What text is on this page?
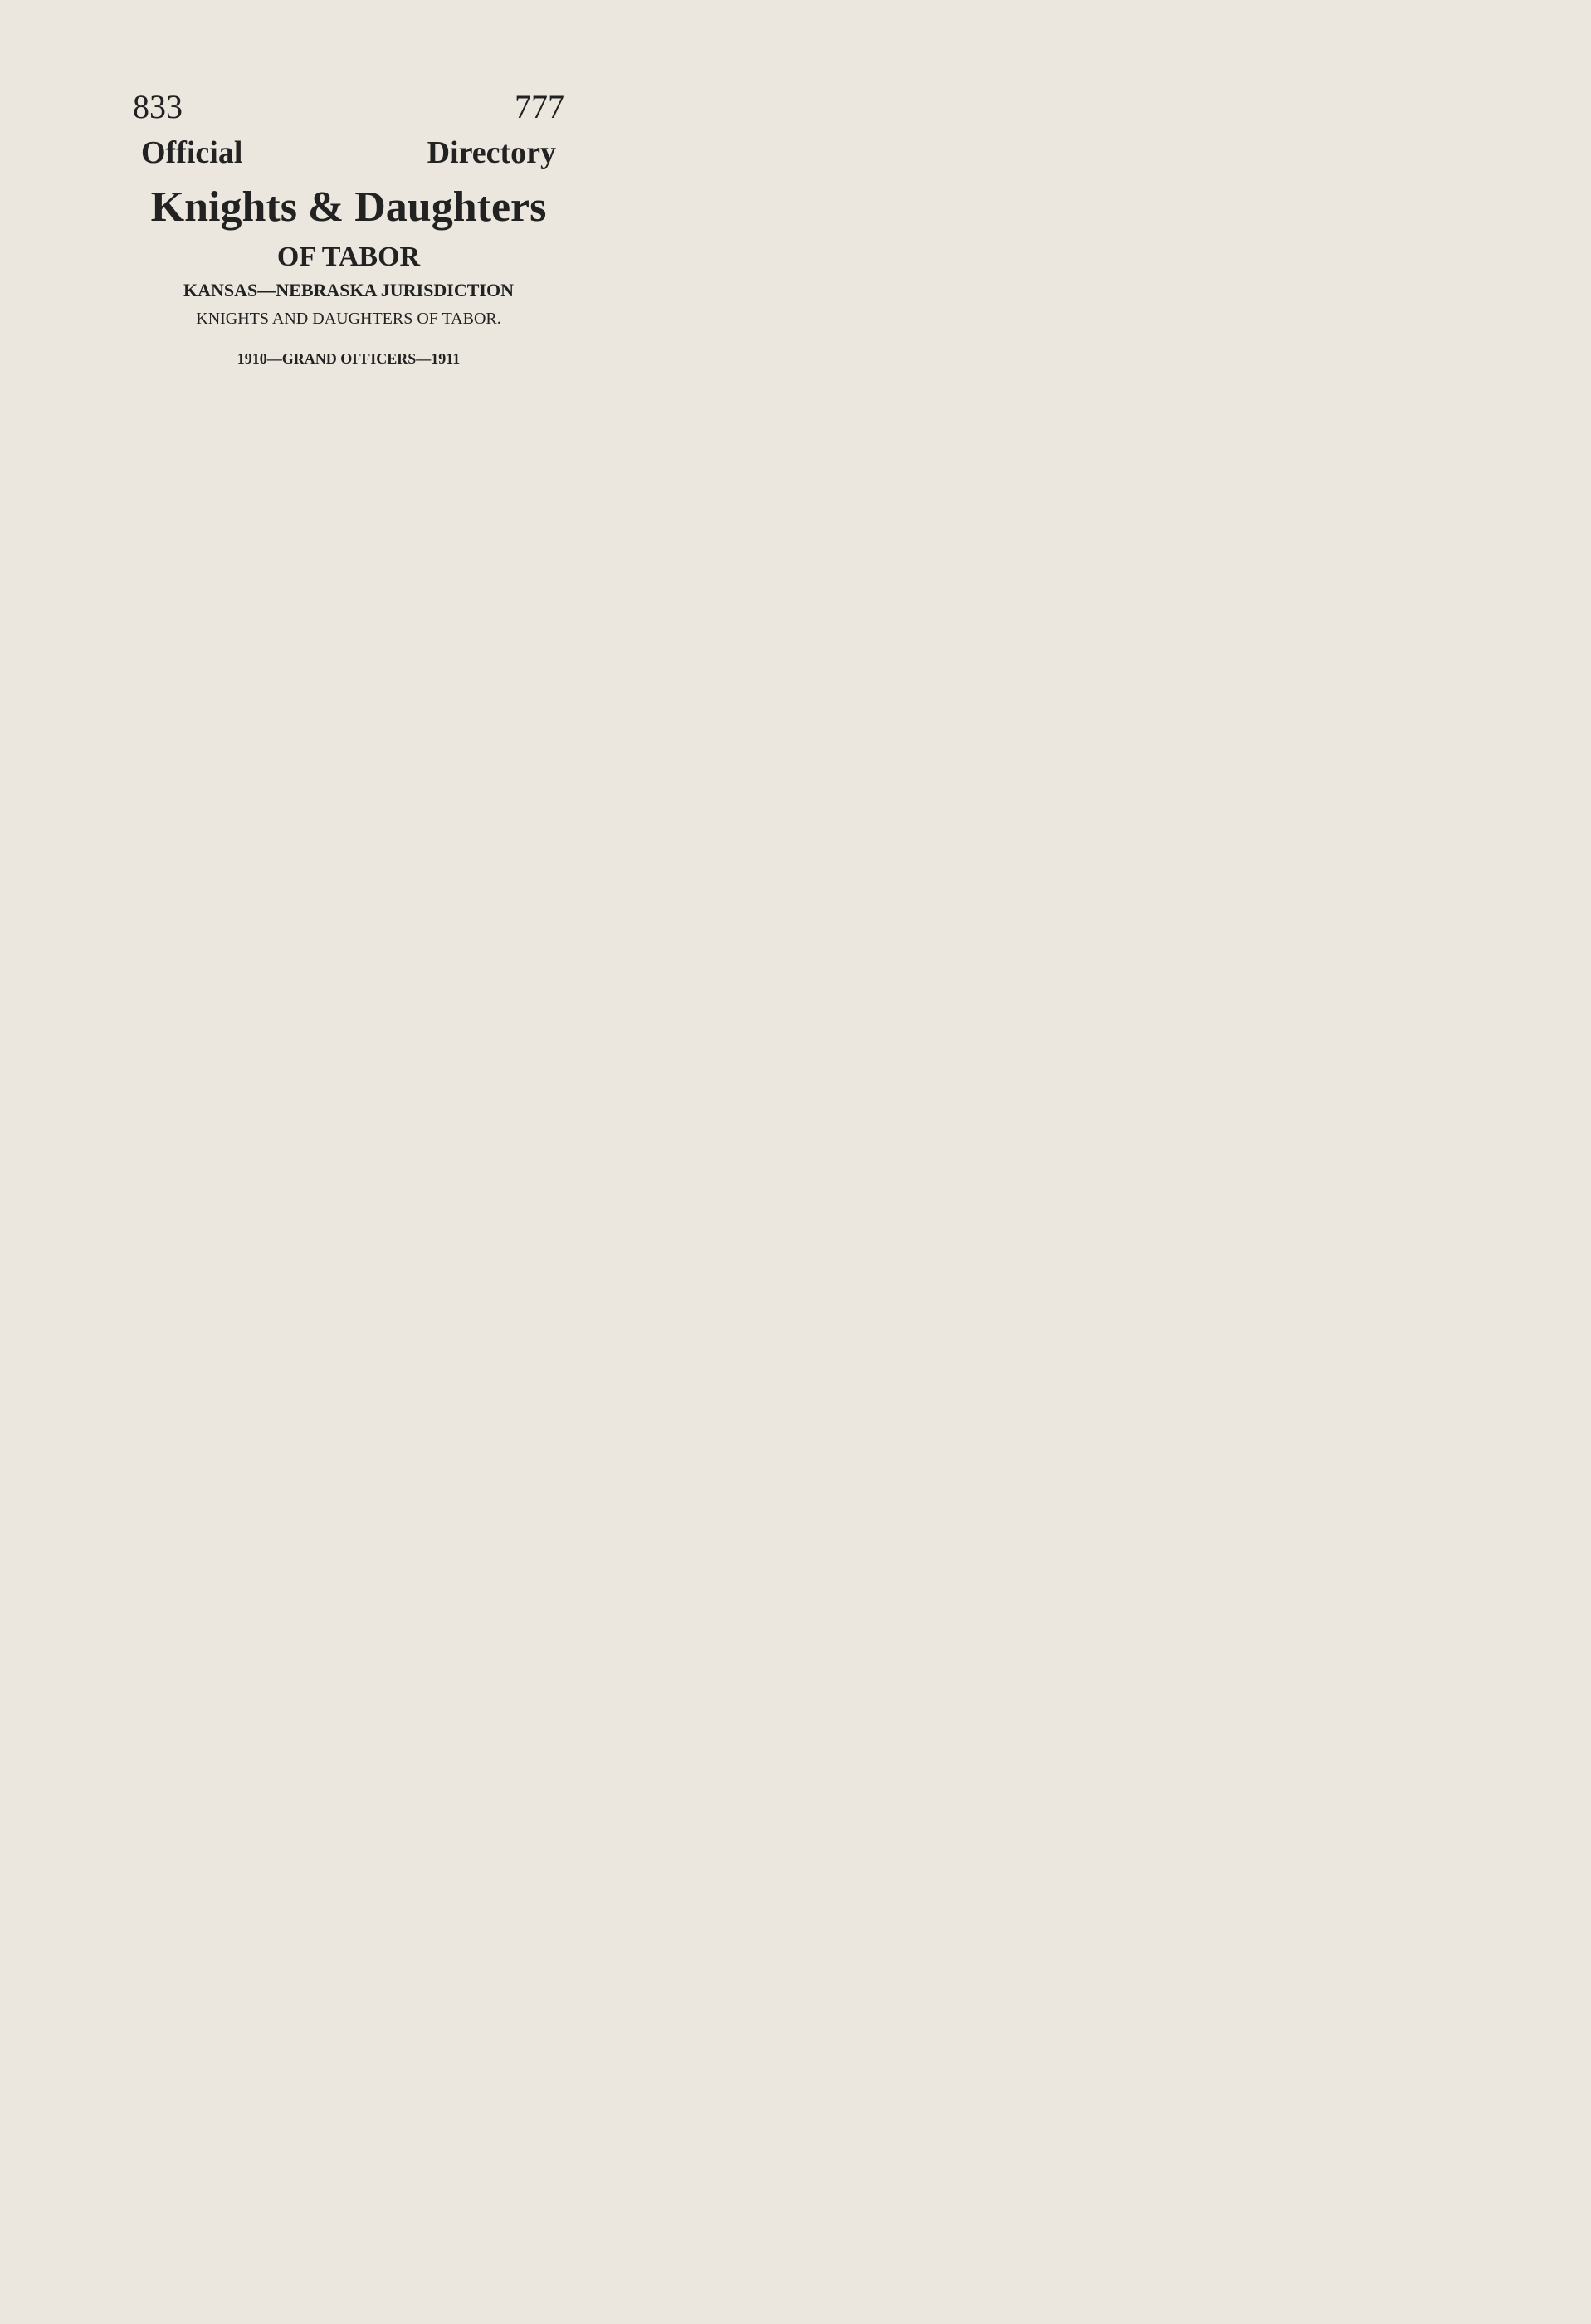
833	777
Official	Directory
Knights & Daughters
OF TABOR
KANSAS—NEBRASKA JURISDICTION
KNIGHTS AND DAUGHTERS OF TABOR.
1910—GRAND OFFICERS—1911
